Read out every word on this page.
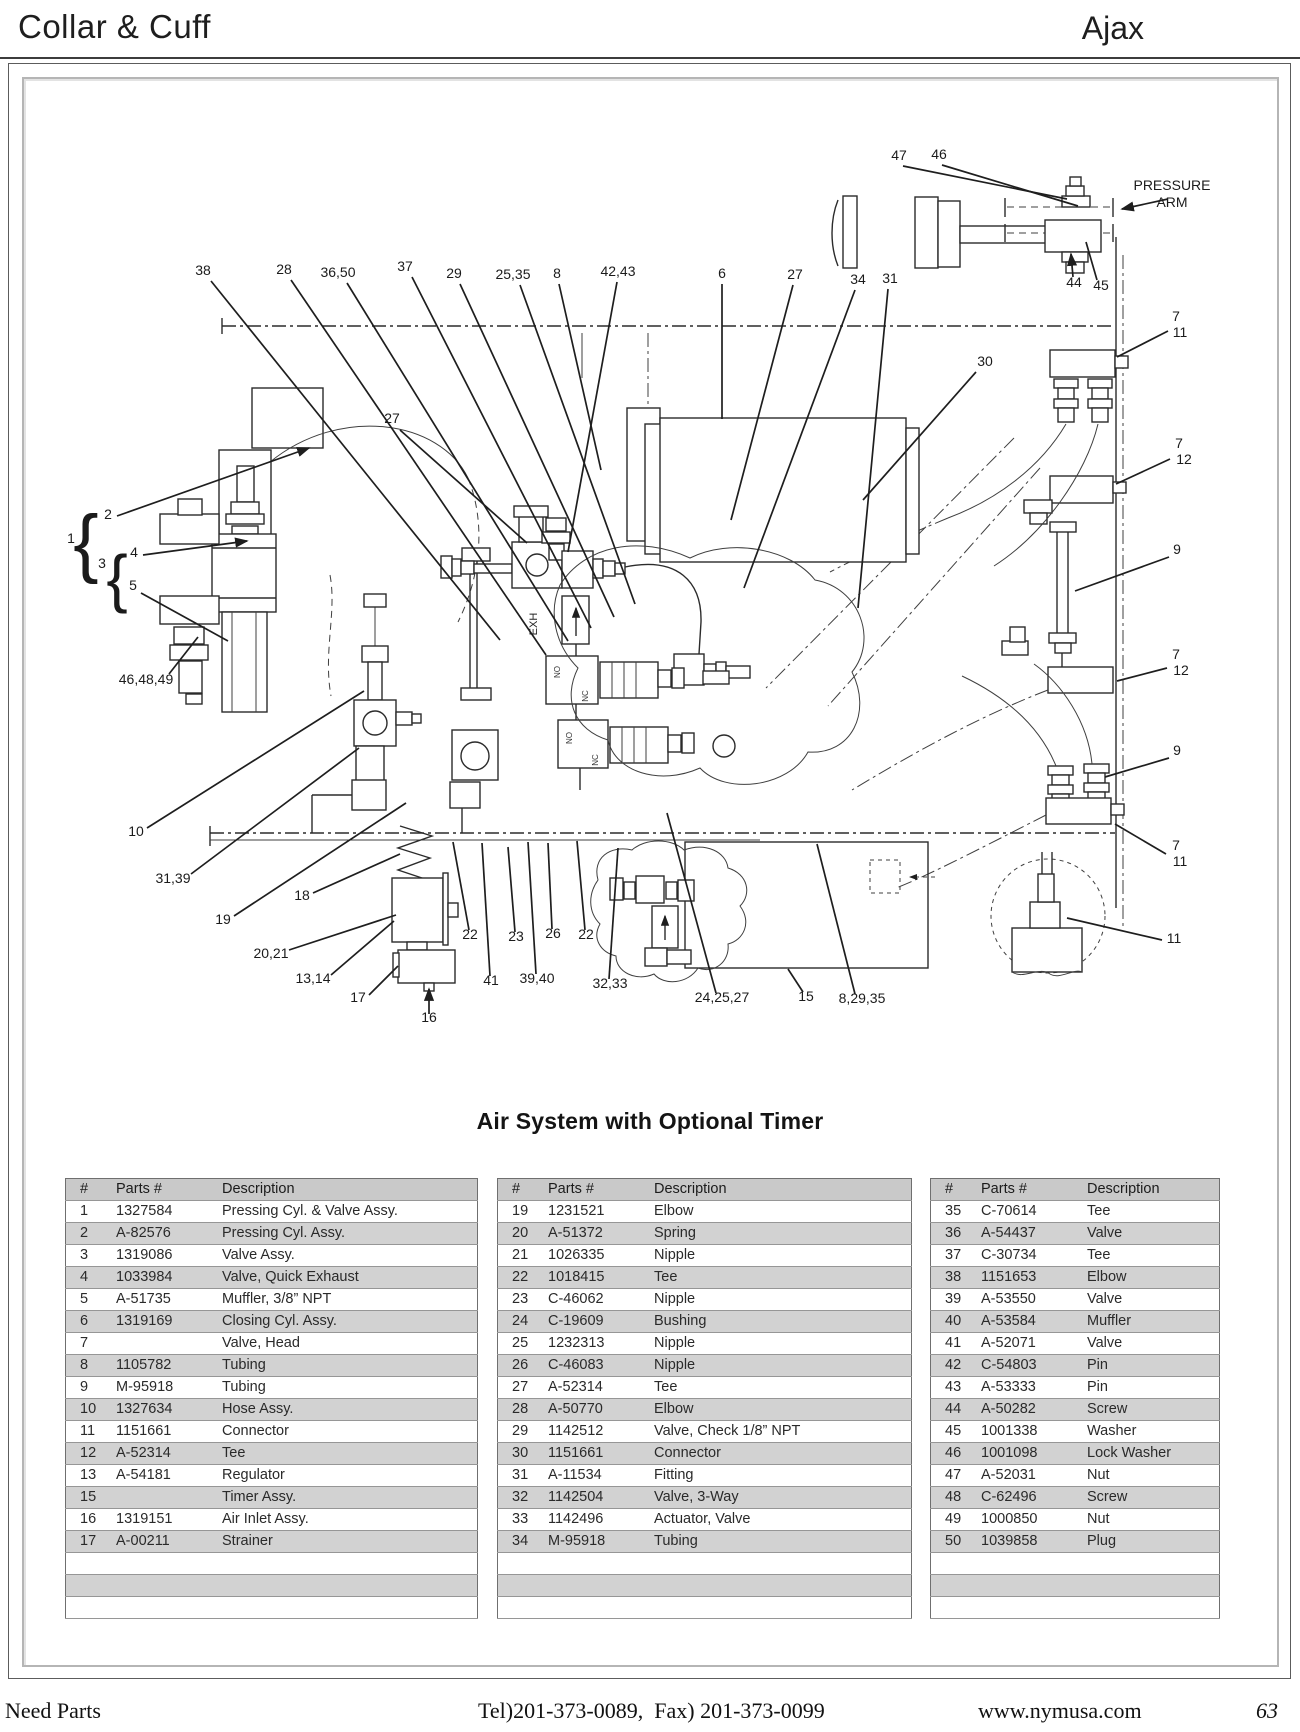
Collar & Cuff	Ajax
EXH
NO
NC
NO
NC
{ {
47 46
PRESSURE
ARM
44 45
38	28 36,50	37 29 25,35 8	42,43	6	27	34 31
30
27
2
1
3
4
5
46,48,49
10
31,39
19
18
20,21
13,14
17
16
22
41
23
39,40
26 22
32,33
24,25,27	15 8,29,35
7
11
7
12
9
7
12
9
7
11
11
Air System with Optional Timer
#	Parts #	Description
1	1327584	Pressing Cyl. & Valve Assy.
2	A-82576	Pressing Cyl. Assy.
3	1319086	Valve Assy.
4	1033984	Valve, Quick Exhaust
5	A-51735	Muffler, 3/8” NPT
6	1319169	Closing Cyl. Assy.
7		Valve, Head
8	1105782	Tubing
9	M-95918	Tubing
10	1327634	Hose Assy.
11	1151661	Connector
12	A-52314	Tee
13	A-54181	Regulator
15		Timer Assy.
16	1319151	Air Inlet Assy.
17	A-00211	Strainer

#	Parts #	Description
19	1231521	Elbow
20	A-51372	Spring
21	1026335	Nipple
22	1018415	Tee
23	C-46062	Nipple
24	C-19609	Bushing
25	1232313	Nipple
26	C-46083	Nipple
27	A-52314	Tee
28	A-50770	Elbow
29	1142512	Valve, Check 1/8” NPT
30	1151661	Connector
31	A-11534	Fitting
32	1142504	Valve, 3-Way
33	1142496	Actuator, Valve
34	M-95918	Tubing

#	Parts #	Description
35	C-70614	Tee
36	A-54437	Valve
37	C-30734	Tee
38	1151653	Elbow
39	A-53550	Valve
40	A-53584	Muffler
41	A-52071	Valve
42	C-54803	Pin
43	A-53333	Pin
44	A-50282	Screw
45	1001338	Washer
46	1001098	Lock Washer
47	A-52031	Nut
48	C-62496	Screw
49	1000850	Nut
50	1039858	Plug

Need Parts	Tel)201-373-0089,  Fax) 201-373-0099	www.nymusa.com	63
